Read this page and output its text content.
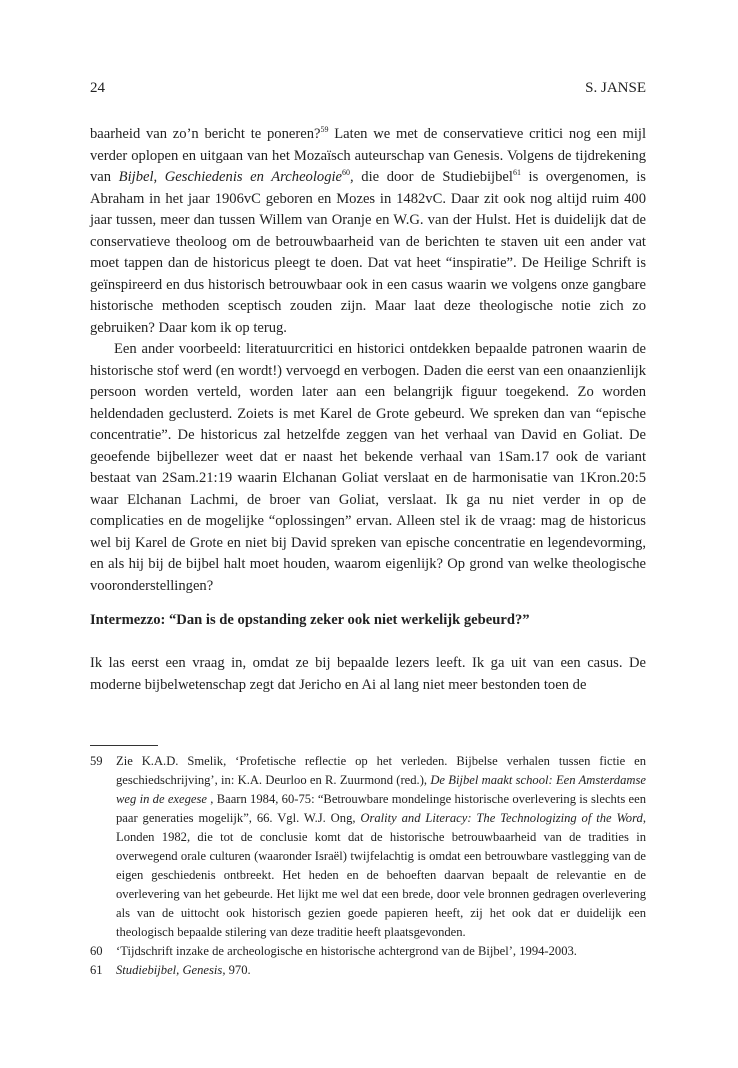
24	S. JANSE

baarheid van zo’n bericht te poneren?$^{59}$ Laten we met de conservatieve critici nog een mijl verder oplopen en uitgaan van het Mozaïsch auteurschap van Genesis. Volgens de tijdrekening van Bijbel, Geschiedenis en Archeologie$^{60}$, die door de Studiebijbel$^{61}$ is overgenomen, is Abraham in het jaar 1906vC geboren en Mozes in 1482vC. Daar zit ook nog altijd ruim 400 jaar tussen, meer dan tussen Willem van Oranje en W.G. van der Hulst. Het is duidelijk dat de conservatieve theoloog om de betrouwbaarheid van de berichten te staven uit een ander vat moet tappen dan de historicus pleegt te doen. Dat vat heet “inspiratie”. De Heilige Schrift is geïnspireerd en dus historisch betrouwbaar ook in een casus waarin we volgens onze gangbare historische methoden sceptisch zouden zijn. Maar laat deze theologische notie zich zo gebruiken? Daar kom ik op terug.

Een ander voorbeeld: literatuurcritici en historici ontdekken bepaalde patronen waarin de historische stof werd (en wordt!) vervoegd en verbogen. Daden die eerst van een onaanzienlijk persoon worden verteld, worden later aan een belangrijk figuur toegekend. Zo worden heldendaden geclusterd. Zoiets is met Karel de Grote gebeurd. We spreken dan van “epische concentratie”. De historicus zal hetzelfde zeggen van het verhaal van David en Goliat. De geoefende bijbellezer weet dat er naast het bekende verhaal van 1Sam.17 ook de variant bestaat van 2Sam.21:19 waarin Elchanan Goliat verslaat en de harmonisatie van 1Kron.20:5 waar Elchanan Lachmi, de broer van Goliat, verslaat. Ik ga nu niet verder in op de complicaties en de mogelijke “oplossingen” ervan. Alleen stel ik de vraag: mag de historicus wel bij Karel de Grote en niet bij David spreken van epische concentratie en legendevorming, en als hij bij de bijbel halt moet houden, waarom eigenlijk? Op grond van welke theologische vooronderstellingen?

Intermezzo: “Dan is de opstanding zeker ook niet werkelijk gebeurd?”

Ik las eerst een vraag in, omdat ze bij bepaalde lezers leeft. Ik ga uit van een casus. De moderne bijbelwetenschap zegt dat Jericho en Ai al lang niet meer bestonden toen de

59	Zie K.A.D. Smelik, ‘Profetische reflectie op het verleden. Bijbelse verhalen tussen fictie en geschiedschrijving’, in: K.A. Deurloo en R. Zuurmond (red.), De Bijbel maakt school: Een Amsterdamse weg in de exegese , Baarn 1984, 60-75: “Betrouwbare mondelinge historische overlevering is slechts een paar generaties mogelijk”, 66. Vgl. W.J. Ong, Orality and Literacy: The Technologizing of the Word, Londen 1982, die tot de conclusie komt dat de historische betrouwbaarheid van de tradities in overwegend orale culturen (waaronder Israël) twijfelachtig is omdat een betrouwbare vastlegging van de eigen geschiedenis ontbreekt. Het heden en de behoeften daarvan bepaalt de relevantie en de overlevering van het gebeurde. Het lijkt me wel dat een brede, door vele bronnen gedragen overlevering als van de uittocht ook historisch gezien goede papieren heeft, zij het ook dat er duidelijk een theologisch bepaalde stilering van deze traditie heeft plaatsgevonden.
60	‘Tijdschrift inzake de archeologische en historische achtergrond van de Bijbel’, 1994-2003.
61	Studiebijbel, Genesis, 970.
